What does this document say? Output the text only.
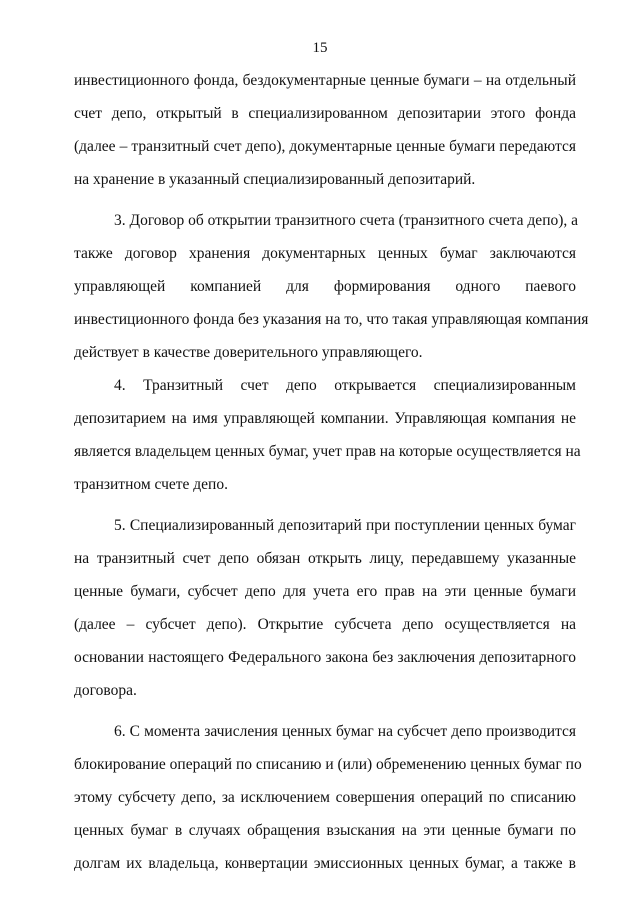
15
инвестиционного фонда, бездокументарные ценные бумаги – на отдельный
счет депо, открытый в специализированном депозитарии этого фонда
(далее – транзитный счет депо), документарные ценные бумаги передаются
на хранение в указанный специализированный депозитарий.
3. Договор об открытии транзитного счета (транзитного счета депо), а
также договор хранения документарных ценных бумаг заключаются
управляющей компанией для формирования одного паевого
инвестиционного фонда без указания на то, что такая управляющая компания
действует в качестве доверительного управляющего.
4. Транзитный счет депо открывается специализированным
депозитарием на имя управляющей компании. Управляющая компания не
является владельцем ценных бумаг, учет прав на которые осуществляется на
транзитном счете депо.
5. Специализированный депозитарий при поступлении ценных бумаг
на транзитный счет депо обязан открыть лицу, передавшему указанные
ценные бумаги, субсчет депо для учета его прав на эти ценные бумаги
(далее – субсчет депо). Открытие субсчета депо осуществляется на
основании настоящего Федерального закона без заключения депозитарного
договора.
6. С момента зачисления ценных бумаг на субсчет депо производится
блокирование операций по списанию и (или) обременению ценных бумаг по
этому субсчету депо, за исключением совершения операций по списанию
ценных бумаг в случаях обращения взыскания на эти ценные бумаги по
долгам их владельца, конвертации эмиссионных ценных бумаг, а также в
